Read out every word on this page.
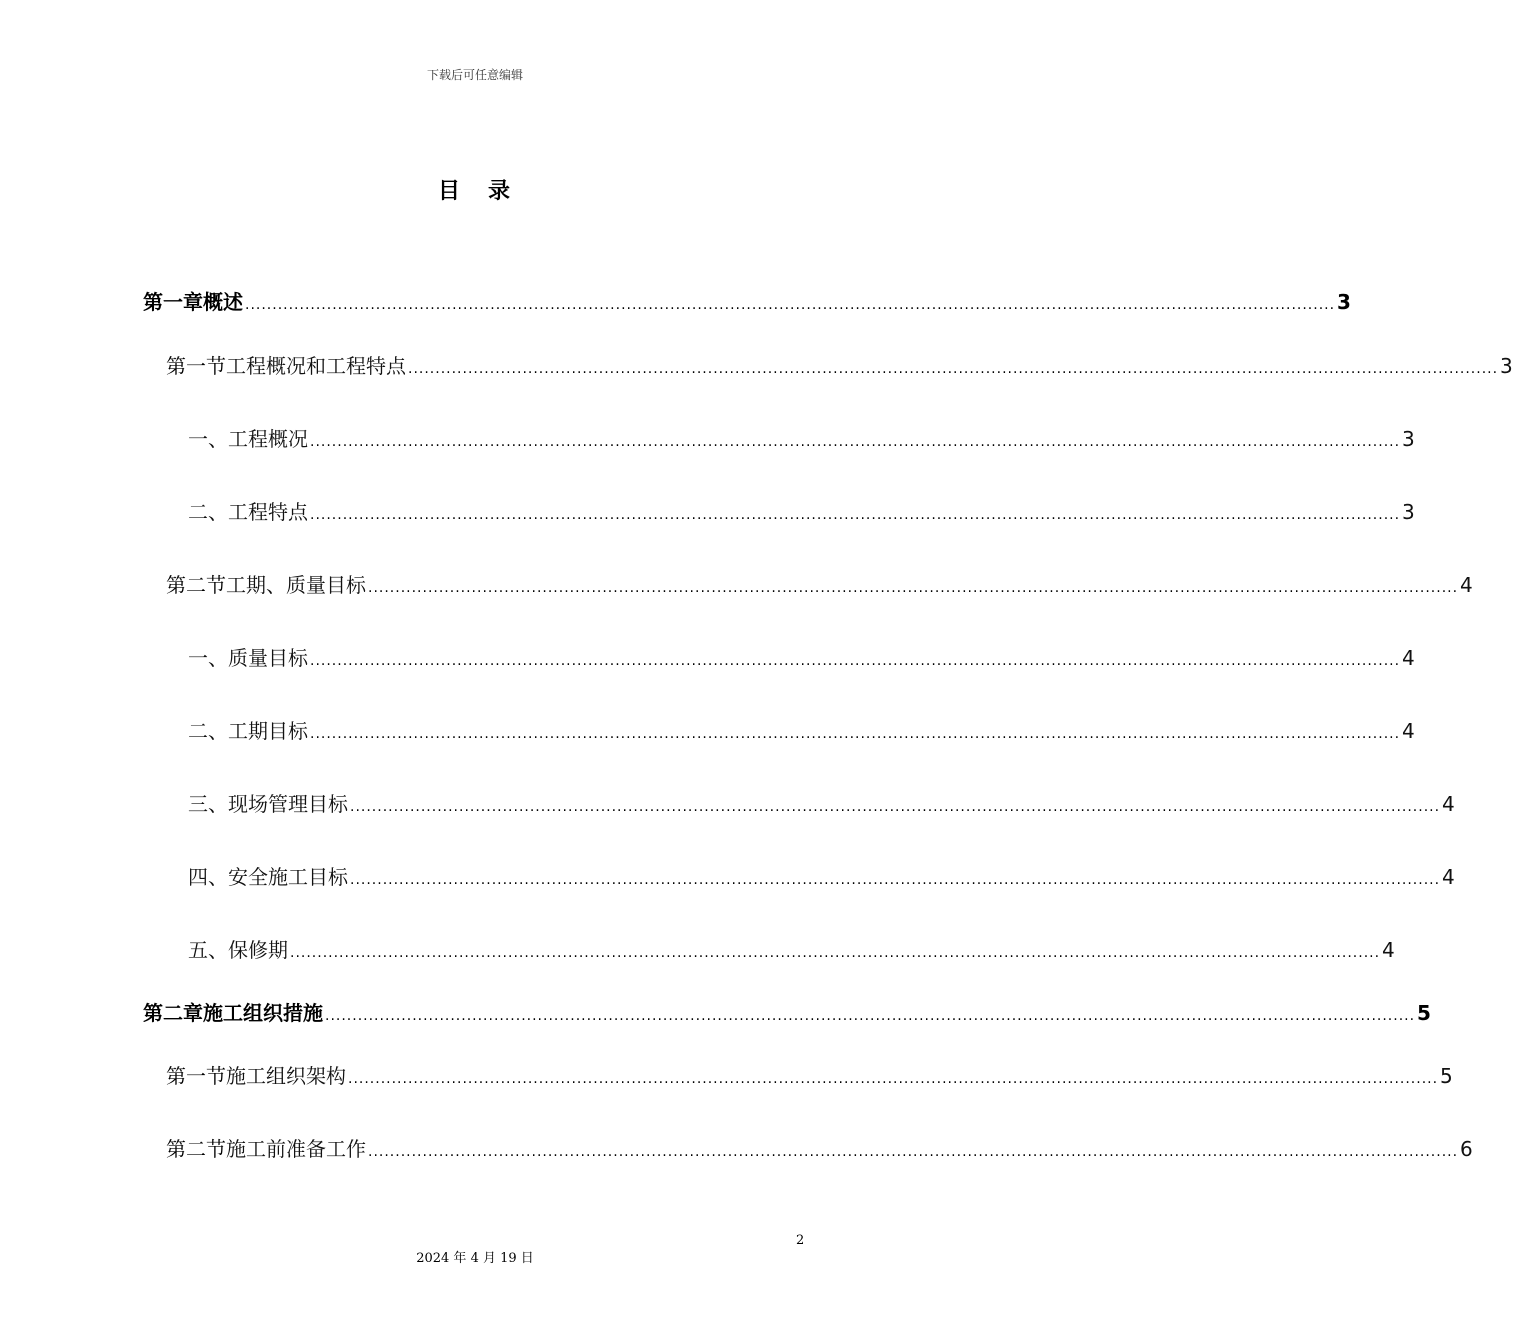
下载后可任意编辑
目 录
第一章 概述 ........................................................................................................................................................................................................ 3
第一节 工程概况和工程特点 ........................................................................................................................................................................................................ 3
一、 工程概况 ........................................................................................................................................................................................................ 3
二、 工程特点 ........................................................................................................................................................................................................ 3
第二节 工期、质量目标 ........................................................................................................................................................................................................ 4
一、 质量目标 ........................................................................................................................................................................................................ 4
二、 工期目标 ........................................................................................................................................................................................................ 4
三、 现场管理目标 ........................................................................................................................................................................................................ 4
四、 安全施工目标 ........................................................................................................................................................................................................ 4
五、 保修期 ........................................................................................................................................................................................................ 4
第二章 施工组织措施 ........................................................................................................................................................................................................ 5
第一节 施工组织架构 ........................................................................................................................................................................................................ 5
第二节 施工前准备工作 ........................................................................................................................................................................................................ 6
2
2024 年 4 月 19 日
